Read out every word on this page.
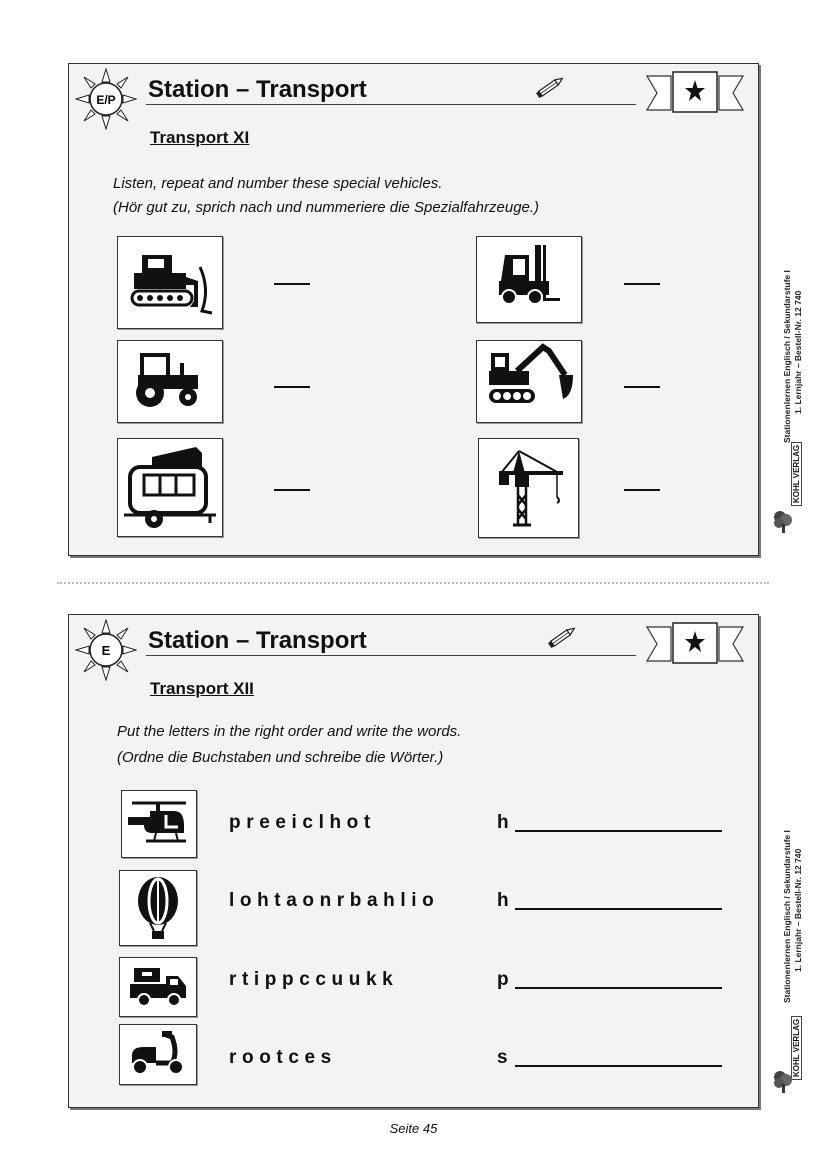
E/P Station – Transport
Transport XI
Listen, repeat and number these special vehicles.
(Hör gut zu, sprich nach und nummeriere die Spezialfahrzeuge.)
E Station – Transport
Transport XII
Put the letters in the right order and write the words.
(Ordne die Buchstaben und schreibe die Wörter.)
preeiclhot	h
lohtaonrbahlio	h
rtippccuukk	p
rootces	s
Stationenlernen Englisch / Sekundarstufe I 1. Lernjahr – Bestell-Nr. 12 740
KOHL VERLAG
Stationenlernen Englisch / Sekundarstufe I 1. Lernjahr – Bestell-Nr. 12 740
KOHL VERLAG
Seite 45
